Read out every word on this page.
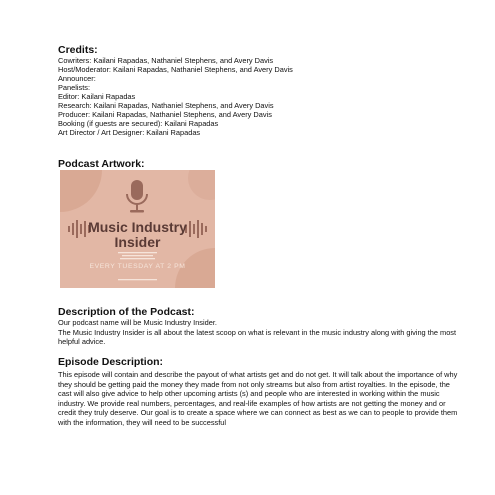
Credits:
Cowriters: Kailani Rapadas, Nathaniel Stephens, and Avery Davis
Host/Moderator: Kailani Rapadas, Nathaniel Stephens, and Avery Davis
Announcer:
Panelists:
Editor: Kailani Rapadas
Research: Kailani Rapadas, Nathaniel Stephens, and Avery Davis
Producer: Kailani Rapadas, Nathaniel Stephens, and Avery Davis
Booking (if guests are secured): Kailani Rapadas
Art Director / Art Designer: Kailani Rapadas
Podcast Artwork:
Music Industry
Insider
EVERY TUESDAY AT 2 PM
Description of the Podcast:
Our podcast name will be Music Industry Insider.
The Music Industry Insider is all about the latest scoop on what is relevant in the music industry along with giving the most helpful advice.
Episode Description:
This episode will contain and describe the payout of what artists get and do not get. It will talk about the importance of why they should be getting paid the money they made from not only streams but also from artist royalties. In the episode, the cast will also give advice to help other upcoming artists (s) and people who are interested in working within the music industry. We provide real numbers, percentages, and real-life examples of how artists are not getting the money and or credit they truly deserve. Our goal is to create a space where we can connect as best as we can to people to provide them with the information, they will need to be successful
